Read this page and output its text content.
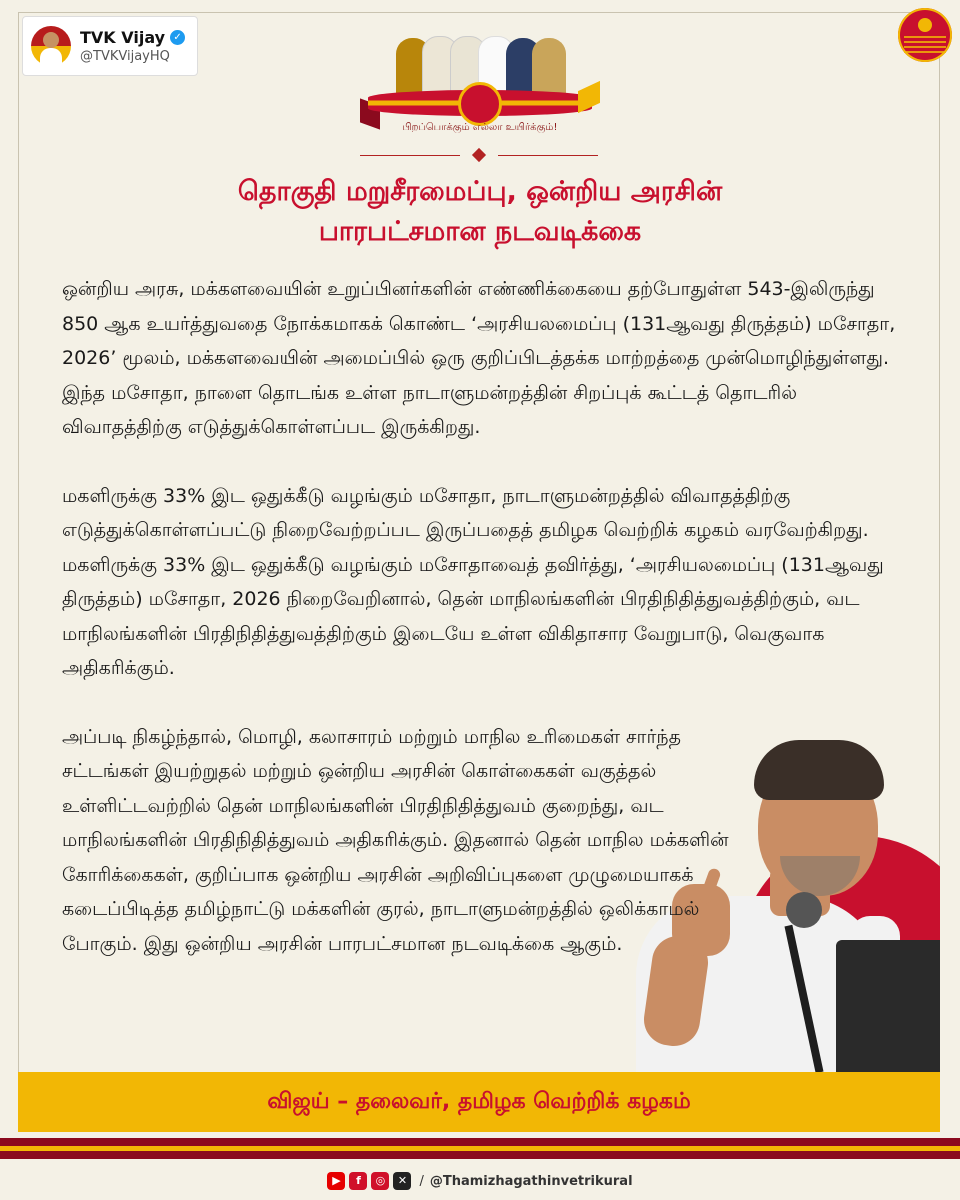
TVK Vijay ✓
@TVKVijayHQ
பிறப்பொக்கும் எல்லா உயிர்க்கும்!
தொகுதி மறுசீரமைப்பு, ஒன்றிய அரசின்
பாரபட்சமான நடவடிக்கை

ஒன்றிய அரசு, மக்களவையின் உறுப்பினர்களின் எண்ணிக்கையை தற்போதுள்ள 543-இலிருந்து 850 ஆக உயர்த்துவதை நோக்கமாகக் கொண்ட ‘அரசியலமைப்பு (131ஆவது திருத்தம்) மசோதா, 2026’ மூலம், மக்களவையின் அமைப்பில் ஒரு குறிப்பிடத்தக்க மாற்றத்தை முன்மொழிந்துள்ளது. இந்த மசோதா, நாளை தொடங்க உள்ள நாடாளுமன்றத்தின் சிறப்புக் கூட்டத் தொடரில் விவாதத்திற்கு எடுத்துக்கொள்ளப்பட இருக்கிறது.

மகளிருக்கு 33% இட ஒதுக்கீடு வழங்கும் மசோதா, நாடாளுமன்றத்தில் விவாதத்திற்கு எடுத்துக்கொள்ளப்பட்டு நிறைவேற்றப்பட இருப்பதைத் தமிழக வெற்றிக் கழகம் வரவேற்கிறது. மகளிருக்கு 33% இட ஒதுக்கீடு வழங்கும் மசோதாவைத் தவிர்த்து, ‘அரசியலமைப்பு (131ஆவது திருத்தம்) மசோதா, 2026 நிறைவேறினால், தென் மாநிலங்களின் பிரதிநிதித்துவத்திற்கும், வட மாநிலங்களின் பிரதிநிதித்துவத்திற்கும் இடையே உள்ள விகிதாசார வேறுபாடு, வெகுவாக அதிகரிக்கும்.

அப்படி நிகழ்ந்தால், மொழி, கலாசாரம் மற்றும் மாநில உரிமைகள் சார்ந்த சட்டங்கள் இயற்றுதல் மற்றும் ஒன்றிய அரசின் கொள்கைகள் வகுத்தல் உள்ளிட்டவற்றில் தென் மாநிலங்களின் பிரதிநிதித்துவம் குறைந்து, வட மாநிலங்களின் பிரதிநிதித்துவம் அதிகரிக்கும். இதனால் தென் மாநில மக்களின் கோரிக்கைகள், குறிப்பாக ஒன்றிய அரசின் அறிவிப்புகளை முழுமையாகக் கடைப்பிடித்த தமிழ்நாட்டு மக்களின் குரல், நாடாளுமன்றத்தில் ஒலிக்காமல் போகும். இது ஒன்றிய அரசின் பாரபட்சமான நடவடிக்கை ஆகும்.

விஜய் – தலைவர், தமிழக வெற்றிக் கழகம்
▶	f	◎	✕ / @Thamizhagathinvetrikural
